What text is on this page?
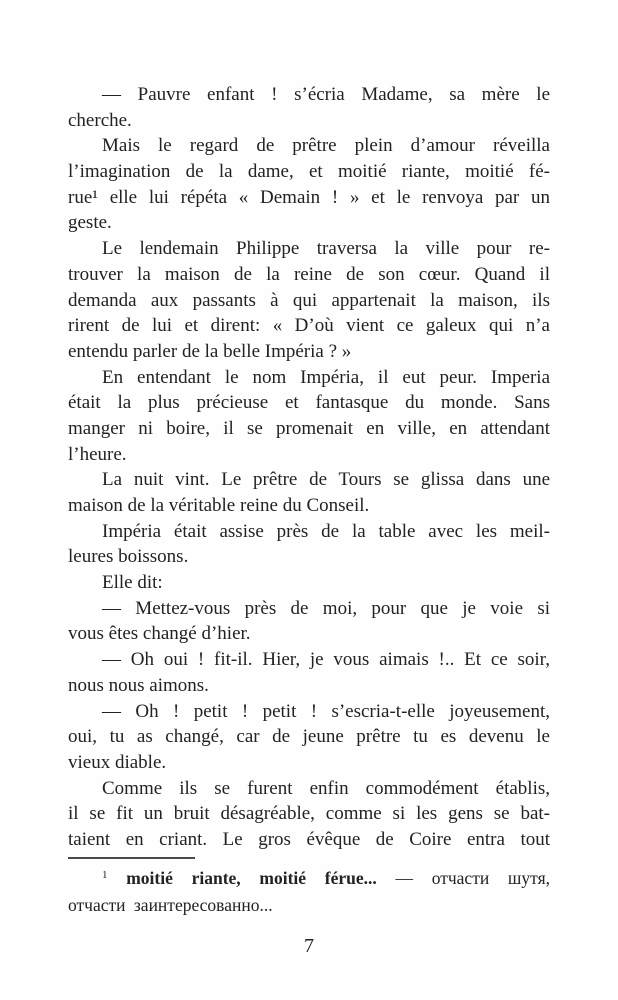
— Pauvre enfant ! s’écria Madame, sa mère le
cherche.
Mais le regard de prêtre plein d’amour réveilla
l’imagination de la dame, et moitié riante, moitié fé-
rue¹ elle lui répéta « Demain ! » et le renvoya par un
geste.
Le lendemain Philippe traversa la ville pour re-
trouver la maison de la reine de son cœur. Quand il
demanda aux passants à qui appartenait la maison, ils
rirent de lui et dirent: « D’où vient ce galeux qui n’a
entendu parler de la belle Impéria ? »
En entendant le nom Impéria, il eut peur. Imperia
était la plus précieuse et fantasque du monde. Sans
manger ni boire, il se promenait en ville, en attendant
l’heure.
La nuit vint. Le prêtre de Tours se glissa dans une
maison de la véritable reine du Conseil.
Impéria était assise près de la table avec les meil-
leures boissons.
Elle dit:
— Mettez-vous près de moi, pour que je voie si
vous êtes changé d’hier.
— Oh oui ! fit-il. Hier, je vous aimais !.. Et ce soir,
nous nous aimons.
— Oh ! petit ! petit ! s’escria-t-elle joyeusement,
oui, tu as changé, car de jeune prêtre tu es devenu le
vieux diable.
Comme ils se furent enfin commodément établis,
il se fit un bruit désagréable, comme si les gens se bat-
taient en criant. Le gros évêque de Coire entra tout
$^1$ moitié riante, moitié férue... — отчасти шутя,
отчасти заинтересованно...
7
